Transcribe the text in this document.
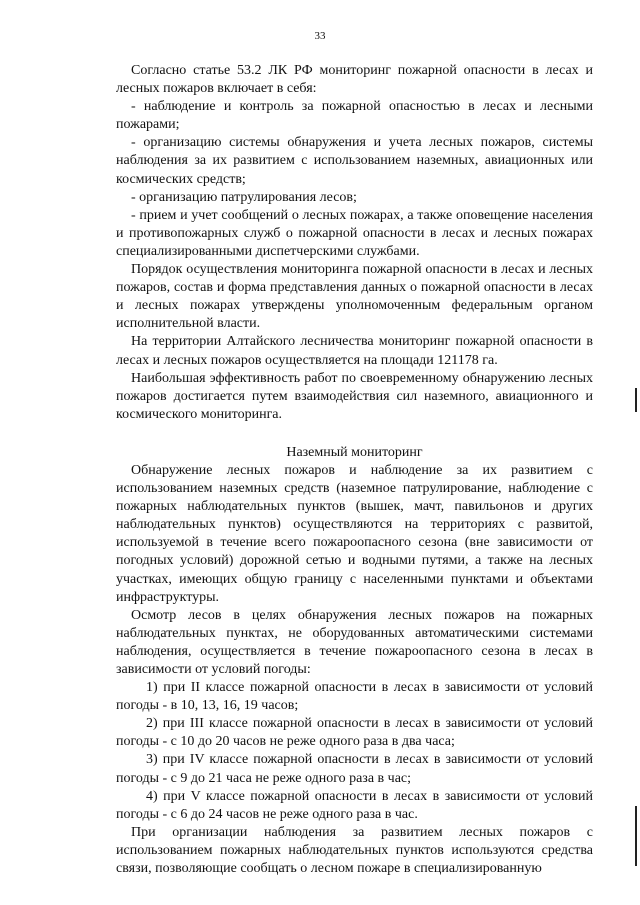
33

Согласно статье 53.2 ЛК РФ мониторинг пожарной опасности в лесах и лесных пожаров включает в себя:

- наблюдение и контроль за пожарной опасностью в лесах и лесными пожарами;

- организацию системы обнаружения и учета лесных пожаров, системы наблюдения за их развитием с использованием наземных, авиационных или космических средств;

- организацию патрулирования лесов;

- прием и учет сообщений о лесных пожарах, а также оповещение населения и противопожарных служб о пожарной опасности в лесах и лесных пожарах специализированными диспетчерскими службами.

Порядок осуществления мониторинга пожарной опасности в лесах и лесных пожаров, состав и форма представления данных о пожарной опасности в лесах и лесных пожарах утверждены уполномоченным федеральным органом исполнительной власти.

На территории Алтайского лесничества мониторинг пожарной опасности в лесах и лесных пожаров осуществляется на площади 121178 га.

Наибольшая эффективность работ по своевременному обнаружению лесных пожаров достигается путем взаимодействия сил наземного, авиационного и космического мониторинга.

Наземный мониторинг

Обнаружение лесных пожаров и наблюдение за их развитием с использованием наземных средств (наземное патрулирование, наблюдение с пожарных наблюдательных пунктов (вышек, мачт, павильонов и других наблюдательных пунктов) осуществляются на территориях с развитой, используемой в течение всего пожароопасного сезона (вне зависимости от погодных условий) дорожной сетью и водными путями, а также на лесных участках, имеющих общую границу с населенными пунктами и объектами инфраструктуры.

Осмотр лесов в целях обнаружения лесных пожаров на пожарных наблюдательных пунктах, не оборудованных автоматическими системами наблюдения, осуществляется в течение пожароопасного сезона в лесах в зависимости от условий погоды:

1) при II классе пожарной опасности в лесах в зависимости от условий погоды - в 10, 13, 16, 19 часов;

2) при III классе пожарной опасности в лесах в зависимости от условий погоды - с 10 до 20 часов не реже одного раза в два часа;

3) при IV классе пожарной опасности в лесах в зависимости от условий погоды - с 9 до 21 часа не реже одного раза в час;

4) при V классе пожарной опасности в лесах в зависимости от условий погоды - с 6 до 24 часов не реже одного раза в час.

При организации наблюдения за развитием лесных пожаров с использованием пожарных наблюдательных пунктов используются средства связи, позволяющие сообщать о лесном пожаре в специализированную
